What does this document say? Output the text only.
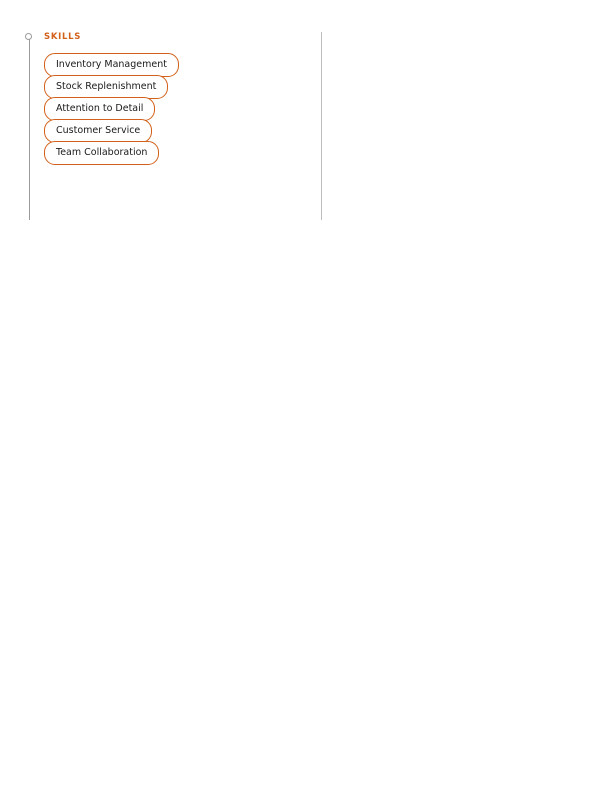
SKILLS
Inventory Management
Stock Replenishment
Attention to Detail
Customer Service
Team Collaboration
